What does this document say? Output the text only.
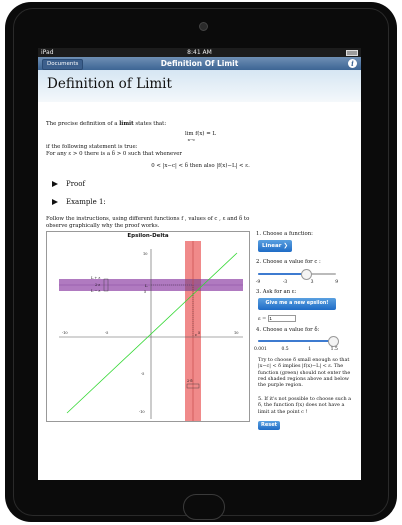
iPad	8:41 AM
Documents	Definition Of Limit	i
Definition of Limit
The precise definition of a limit states that:
lim f(x) = L
x→c
if the following statement is true:
For any ε > 0 there is a δ > 0 such that whenever
0 < |x−c| < δ then also |f(x)−L| < ε.
Proof
Example 1:
Follow the instructions, using different functions f , values of c , ε and δ to
observe graphically why the proof works.
Epsilon-Delta
-10	-5	5	10
10
5
-5
-10
L + ε
L
L − ε
2·ε
c
2·δ
1. Choose a function:
Linear ❯
2. Choose a value for c :
-9	-3	3	9
3. Ask for an ε:
Give me a new epsilon!
ε =1
4. Choose a value for δ:
0.001	0.5	1	1.5
Try to choose δ small enough so that |x−c| < δ implies |f(x)−L| < ε. The function (green) should not enter the red shaded regions above and below the purple region.
5. If it's not possible to choose such a δ, the function f(x) does not have a limit at the point c !
Reset
